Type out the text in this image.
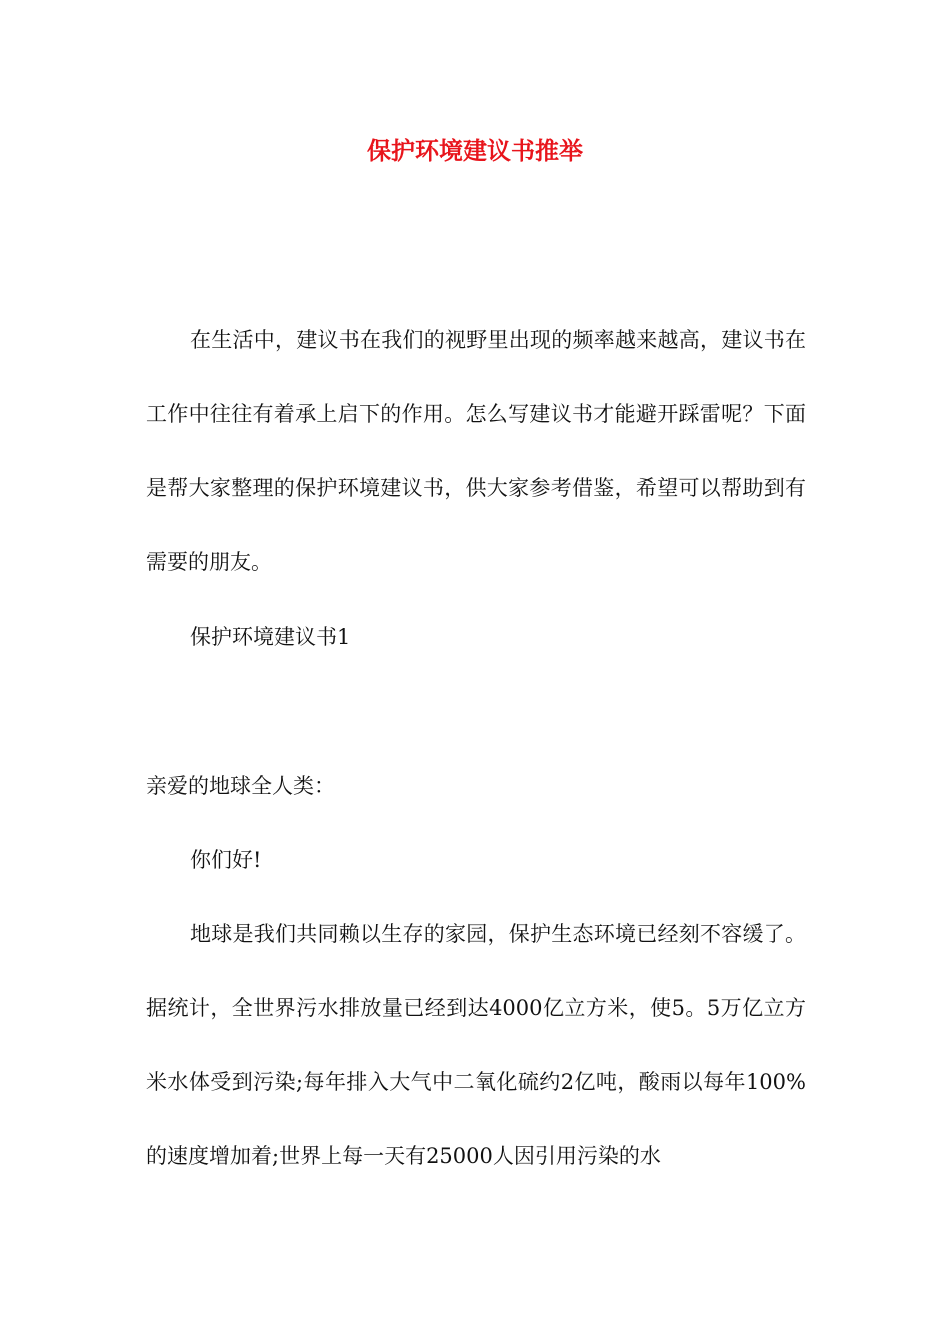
保护环境建议书推举

在生活中，建议书在我们的视野里出现的频率越来越高，建议书在工作中往往有着承上启下的作用。怎么写建议书才能避开踩雷呢？下面是帮大家整理的保护环境建议书，供大家参考借鉴，希望可以帮助到有需要的朋友。

保护环境建议书1

亲爱的地球全人类：

你们好!

地球是我们共同赖以生存的家园，保护生态环境已经刻不容缓了。据统计，全世界污水排放量已经到达4000亿立方米，使5。5万亿立方米水体受到污染;每年排入大气中二氧化硫约2亿吨，酸雨以每年100%的速度增加着;世界上每一天有25000人因引用污染的水
